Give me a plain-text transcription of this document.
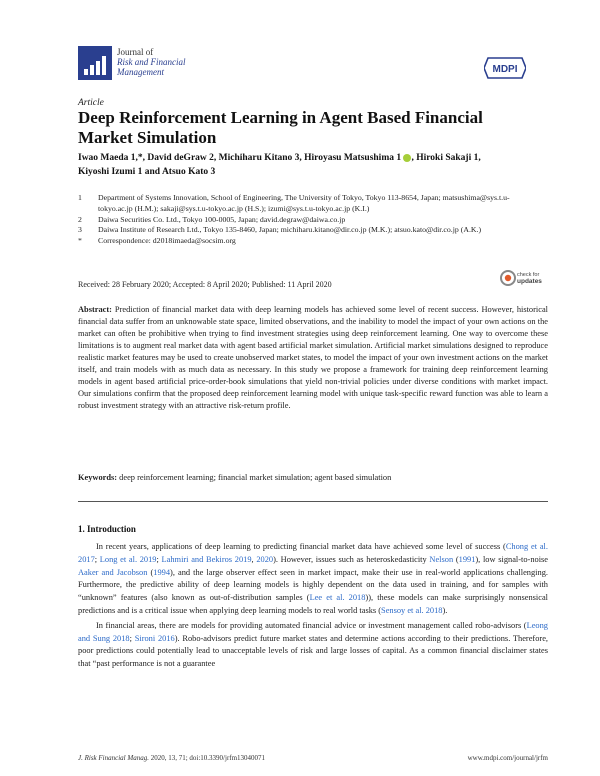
Journal of
Risk and Financial
Management	MDPI
Article
Deep Reinforcement Learning in Agent Based Financial Market Simulation
Iwao Maeda 1,*, David deGraw 2, Michiharu Kitano 3, Hiroyasu Matsushima 1 , Hiroki Sakaji 1,
Kiyoshi Izumi 1 and Atsuo Kato 3
1	Department of Systems Innovation, School of Engineering, The University of Tokyo, Tokyo 113-8654, Japan; matsushima@sys.t.u-tokyo.ac.jp (H.M.); sakaji@sys.t.u-tokyo.ac.jp (H.S.); izumi@sys.t.u-tokyo.ac.jp (K.I.)
2	Daiwa Securities Co. Ltd., Tokyo 100-0005, Japan; david.degraw@daiwa.co.jp
3	Daiwa Institute of Research Ltd., Tokyo 135-8460, Japan; michiharu.kitano@dir.co.jp (M.K.); atsuo.kato@dir.co.jp (A.K.)
*	Correspondence: d2018imaeda@socsim.org
Received: 28 February 2020; Accepted: 8 April 2020; Published: 11 April 2020
check for
updates
Abstract: Prediction of financial market data with deep learning models has achieved some level of recent success. However, historical financial data suffer from an unknowable state space, limited observations, and the inability to model the impact of your own actions on the market can often be prohibitive when trying to find investment strategies using deep reinforcement learning. One way to overcome these limitations is to augment real market data with agent based artificial market simulation. Artificial market simulations designed to reproduce realistic market features may be used to create unobserved market states, to model the impact of your own investment actions on the market itself, and train models with as much data as necessary. In this study we propose a framework for training deep reinforcement learning models in agent based artificial price-order-book simulations that yield non-trivial policies under diverse conditions with market impact. Our simulations confirm that the proposed deep reinforcement learning model with unique task-specific reward function was able to learn a robust investment strategy with an attractive risk-return profile.
Keywords: deep reinforcement learning; financial market simulation; agent based simulation
1. Introduction

In recent years, applications of deep learning to predicting financial market data have achieved some level of success (Chong et al. 2017; Long et al. 2019; Lahmiri and Bekiros 2019, 2020). However, issues such as heteroskedasticity Nelson (1991), low signal-to-noise Aaker and Jacobson (1994), and the large observer effect seen in market impact, make their use in real-world applications challenging. Furthermore, the predictive ability of deep learning models is highly dependent on the data used in training, and for samples with “unknown” features (also known as out-of-distribution samples (Lee et al. 2018)), these models can make surprisingly nonsensical predictions and is a critical issue when applying deep learning models to real world tasks (Sensoy et al. 2018).

In financial areas, there are models for providing automated financial advice or investment management called robo-advisors (Leong and Sung 2018; Sironi 2016). Robo-advisors predict future market states and determine actions according to their predictions. Therefore, poor predictions could potentially lead to unacceptable levels of risk and large losses of capital. As a common financial disclaimer states that “past performance is not a guarantee

J. Risk Financial Manag. 2020, 13, 71; doi:10.3390/jrfm13040071	www.mdpi.com/journal/jrfm
